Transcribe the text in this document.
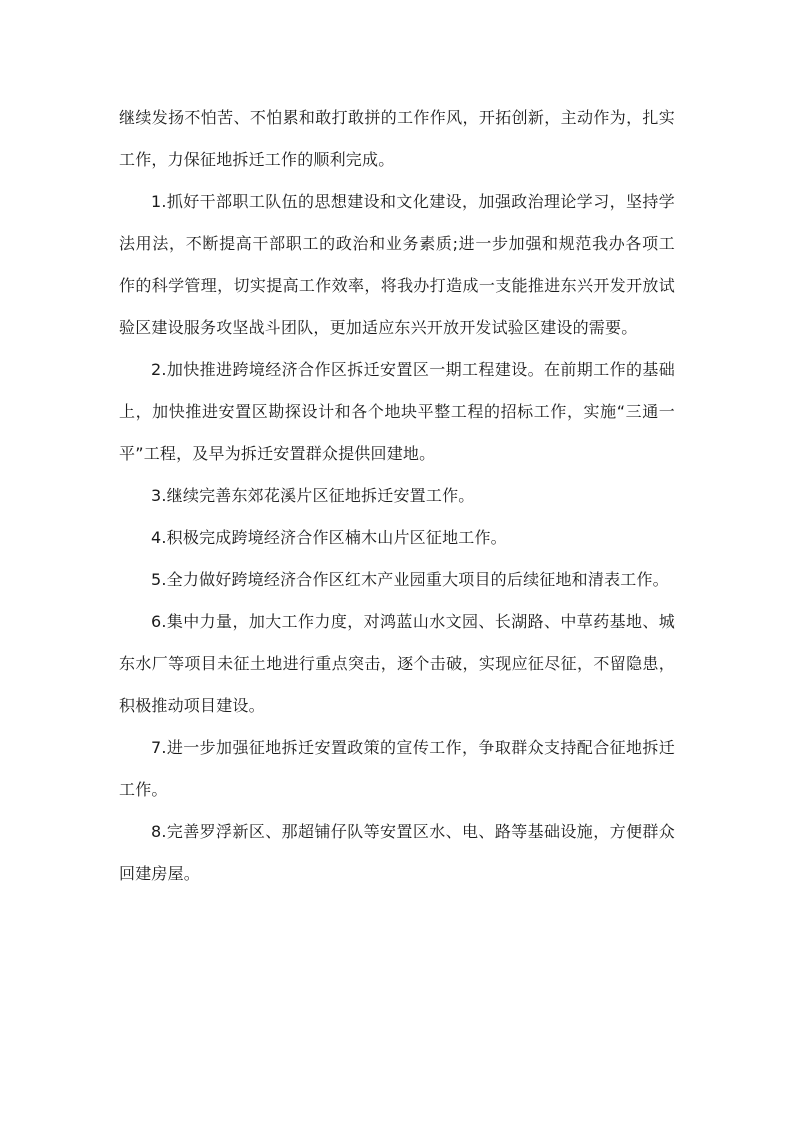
继续发扬不怕苦、不怕累和敢打敢拼的工作作风，开拓创新，主动作为，扎实工作，力保征地拆迁工作的顺利完成。

1.抓好干部职工队伍的思想建设和文化建设，加强政治理论学习，坚持学法用法，不断提高干部职工的政治和业务素质;进一步加强和规范我办各项工作的科学管理，切实提高工作效率，将我办打造成一支能推进东兴开发开放试验区建设服务攻坚战斗团队，更加适应东兴开放开发试验区建设的需要。

2.加快推进跨境经济合作区拆迁安置区一期工程建设。在前期工作的基础上，加快推进安置区勘探设计和各个地块平整工程的招标工作，实施“三通一平”工程，及早为拆迁安置群众提供回建地。

3.继续完善东郊花溪片区征地拆迁安置工作。

4.积极完成跨境经济合作区楠木山片区征地工作。

5.全力做好跨境经济合作区红木产业园重大项目的后续征地和清表工作。

6.集中力量，加大工作力度，对鸿蓝山水文园、长湖路、中草药基地、城东水厂等项目未征土地进行重点突击，逐个击破，实现应征尽征，不留隐患，积极推动项目建设。

7.进一步加强征地拆迁安置政策的宣传工作，争取群众支持配合征地拆迁工作。

8.完善罗浮新区、那超铺仔队等安置区水、电、路等基础设施，方便群众回建房屋。
